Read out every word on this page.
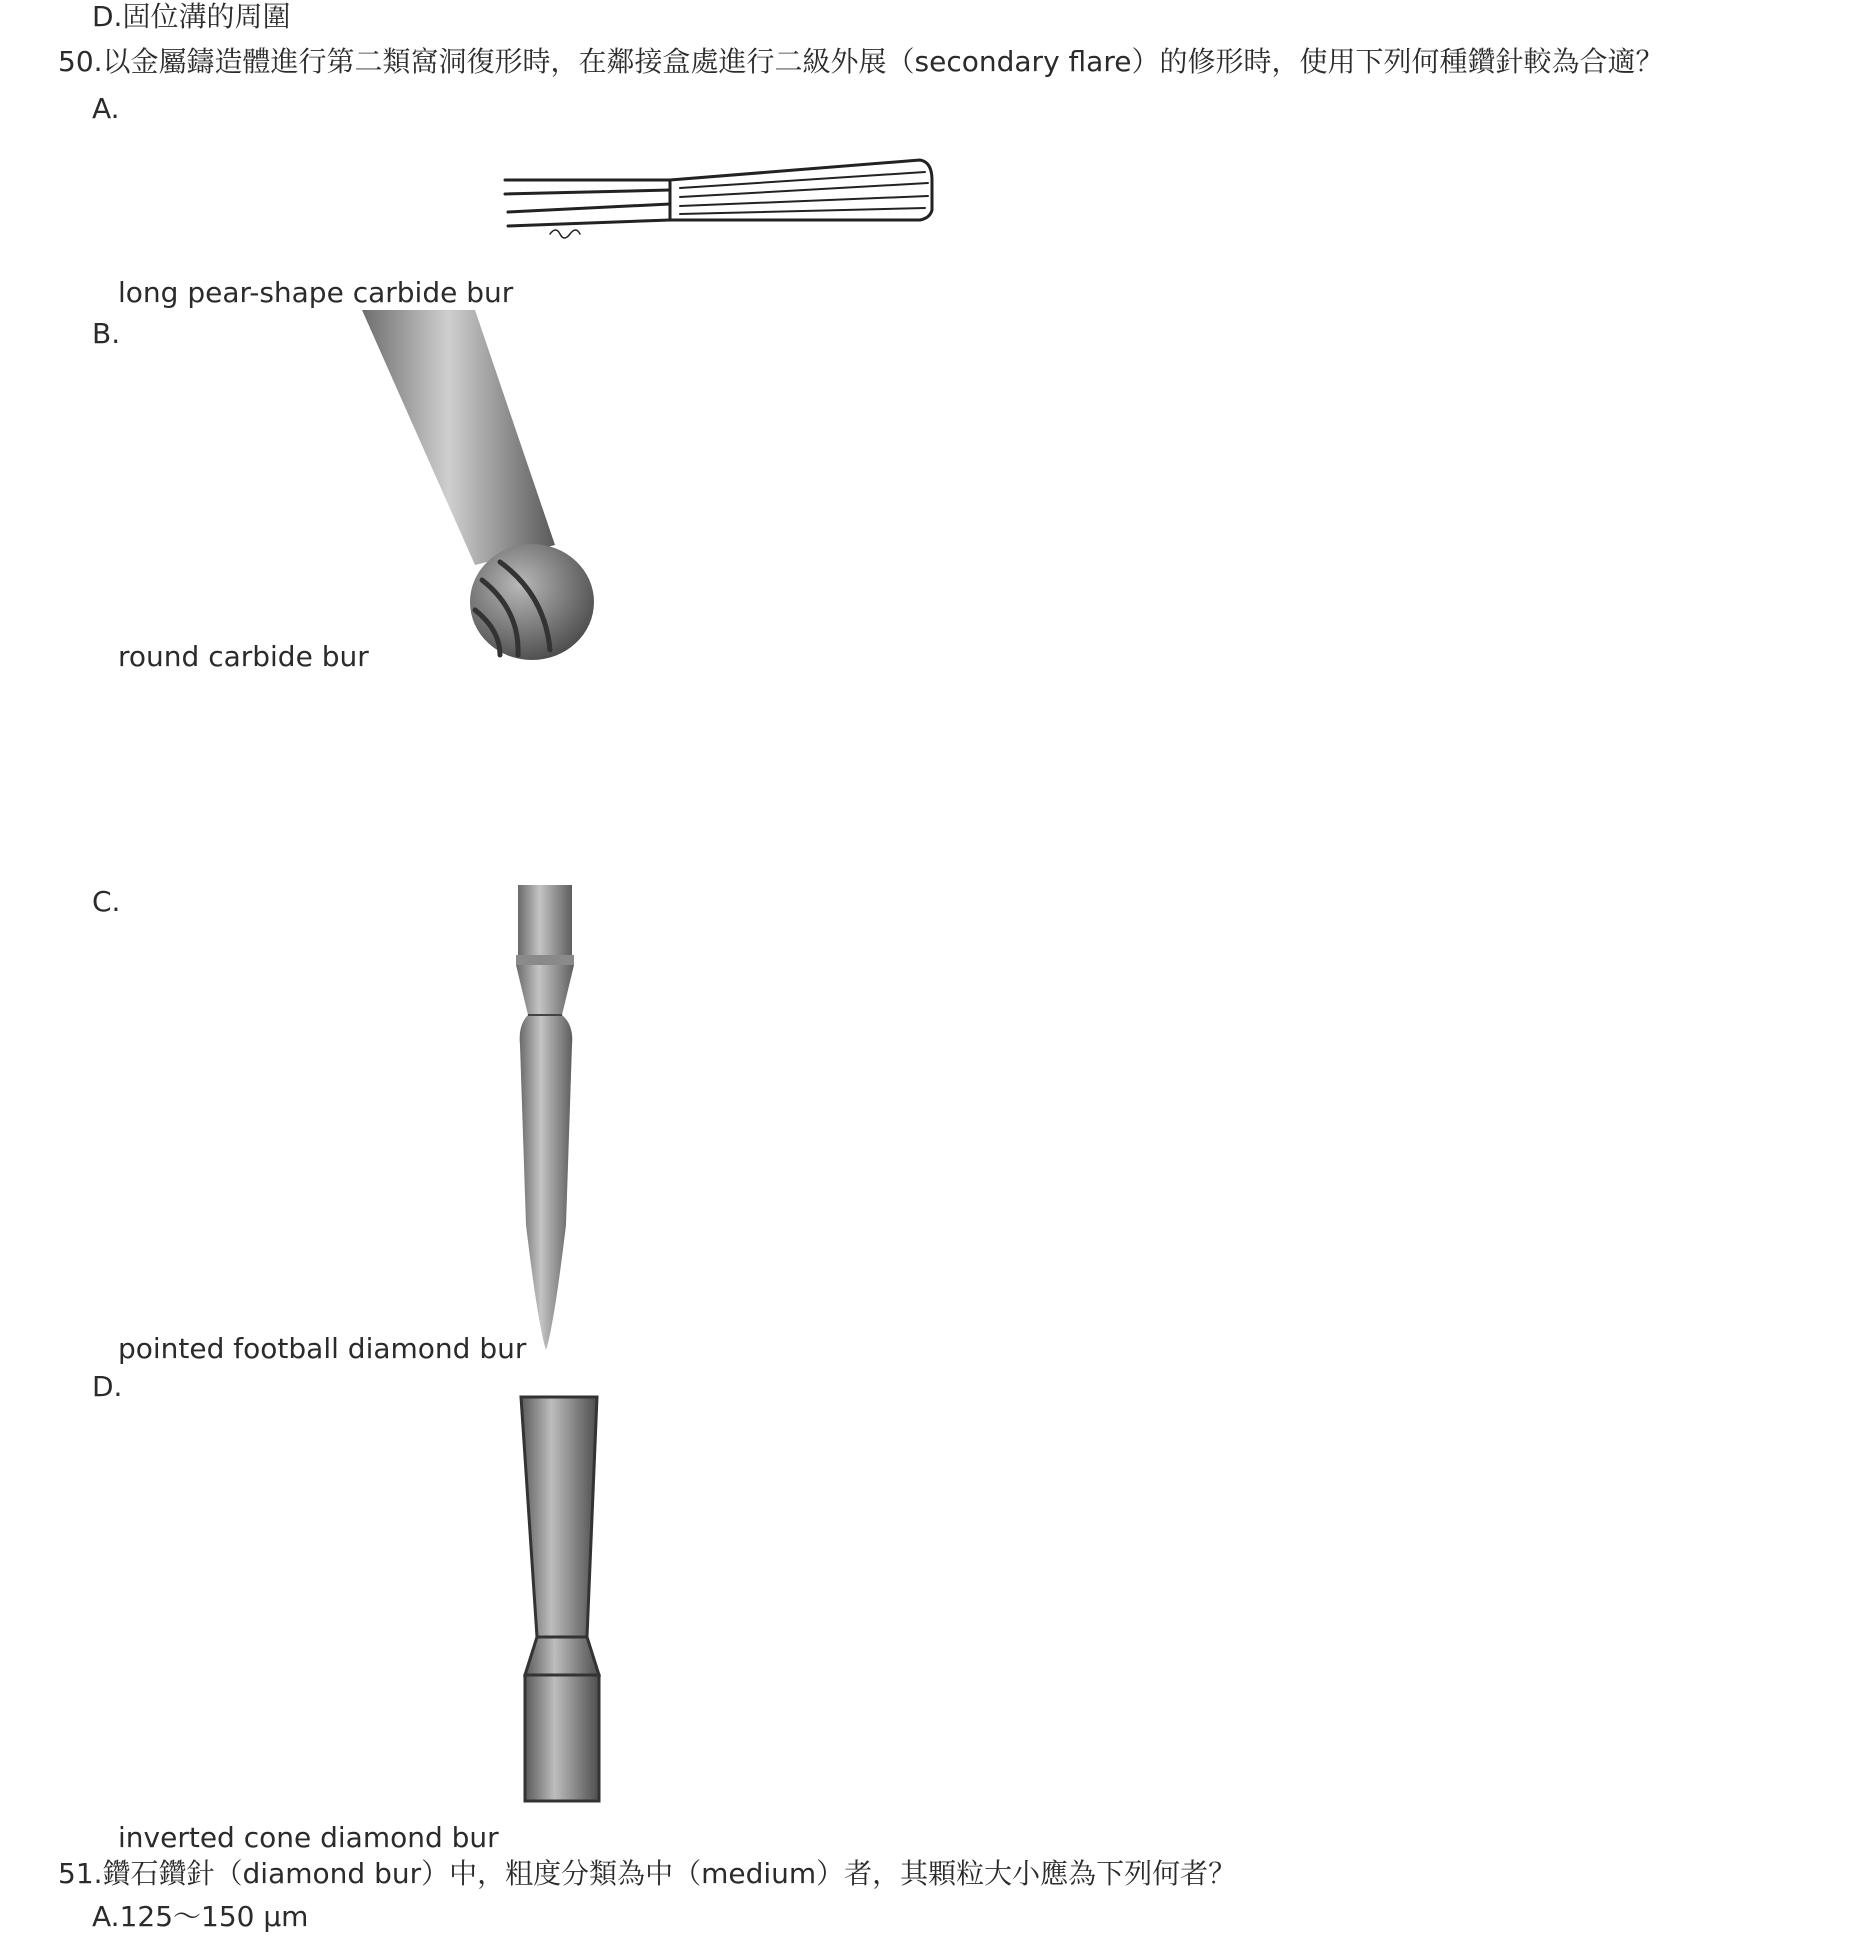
D.固位溝的周圍
50.以金屬鑄造體進行第二類窩洞復形時，在鄰接盒處進行二級外展（secondary flare）的修形時，使用下列何種鑽針較為合適？
A.
long pear-shape carbide bur
B.
round carbide bur
C.
pointed football diamond bur
D.
inverted cone diamond bur
51.鑽石鑽針（diamond bur）中，粗度分類為中（medium）者，其顆粒大小應為下列何者？
A.125～150 μm
